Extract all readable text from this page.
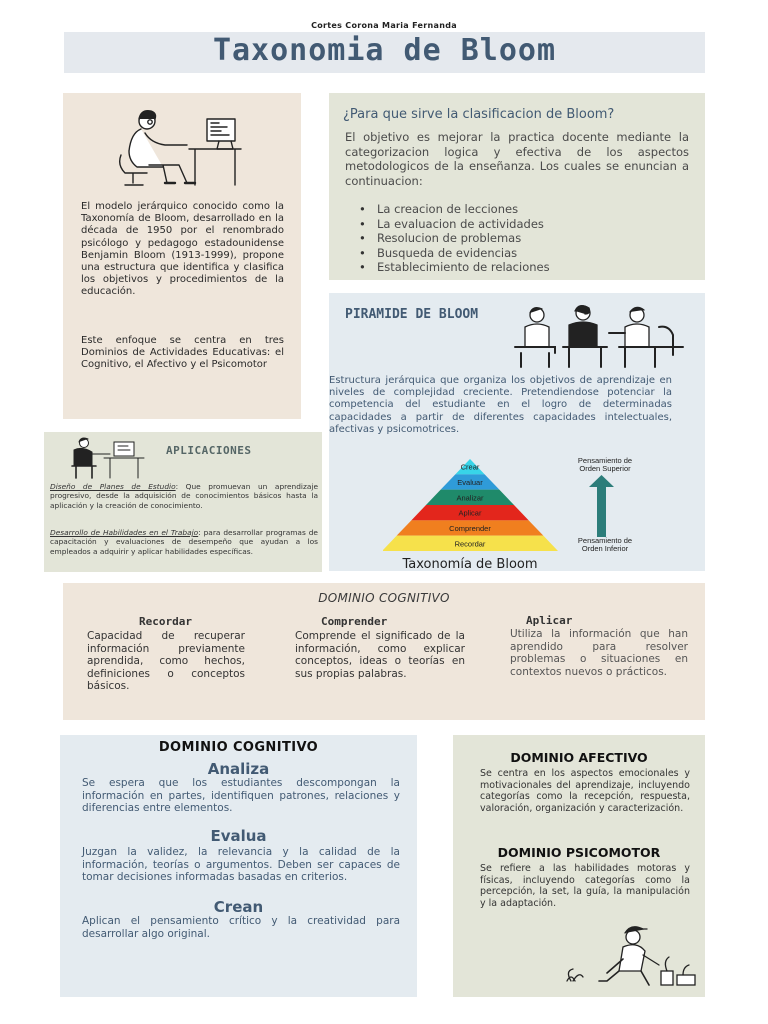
Cortes Corona Maria Fernanda
Taxonomia de Bloom
El modelo jerárquico conocido como la Taxonomía de Bloom, desarrollado en la década de 1950 por el renombrado psicólogo y pedagogo estadounidense Benjamin Bloom (1913-1999), propone una estructura que identifica y clasifica los objetivos y procedimientos de la educación.
Este enfoque se centra en tres Dominios de Actividades Educativas: el Cognitivo, el Afectivo y el Psicomotor
¿Para que sirve la clasificacion de Bloom?
El objetivo es mejorar la practica docente mediante la categorizacion logica y efectiva de los aspectos metodologicos de la enseñanza. Los cuales se enuncian a continuacion:
• La creacion de lecciones
• La evaluacion de actividades
• Resolucion de problemas
• Busqueda de evidencias
• Establecimiento de relaciones
PIRAMIDE DE BLOOM
Estructura jerárquica que organiza los objetivos de aprendizaje en niveles de complejidad creciente. Pretendiendose potenciar la competencia del estudiante en el logro de determinadas capacidades a partir de diferentes capacidades intelectuales, afectivas y psicomotrices.
Crear
Evaluar
Analizar
Aplicar
Comprender
Recordar
Pensamiento de
Orden Superior
Pensamiento de
Orden Inferior
Taxonomía de Bloom
APLICACIONES
Diseño de Planes de Estudio: Que promuevan un aprendizaje progresivo, desde la adquisición de conocimientos básicos hasta la aplicación y la creación de conocimiento.
Desarrollo de Habilidades en el Trabajo: para desarrollar programas de capacitación y evaluaciones de desempeño que ayudan a los empleados a adquirir y aplicar habilidades específicas.
DOMINIO COGNITIVO
Recordar
Capacidad de recuperar información previamente aprendida, como hechos, definiciones o conceptos básicos.
Comprender
Comprende el significado de la información, como explicar conceptos, ideas o teorías en sus propias palabras.
Aplicar
Utiliza la información que han aprendido para resolver problemas o situaciones en contextos nuevos o prácticos.
DOMINIO COGNITIVO
Analiza
Se espera que los estudiantes descompongan la información en partes, identifiquen patrones, relaciones y diferencias entre elementos.
Evalua
Juzgan la validez, la relevancia y la calidad de la información, teorías o argumentos. Deben ser capaces de tomar decisiones informadas basadas en criterios.
Crean
Aplican el pensamiento crítico y la creatividad para desarrollar algo original.
DOMINIO AFECTIVO
Se centra en los aspectos emocionales y motivacionales del aprendizaje, incluyendo categorías como la recepción, respuesta, valoración, organización y caracterización.
DOMINIO PSICOMOTOR
Se refiere a las habilidades motoras y físicas, incluyendo categorías como la percepción, la set, la guía, la manipulación y la adaptación.
